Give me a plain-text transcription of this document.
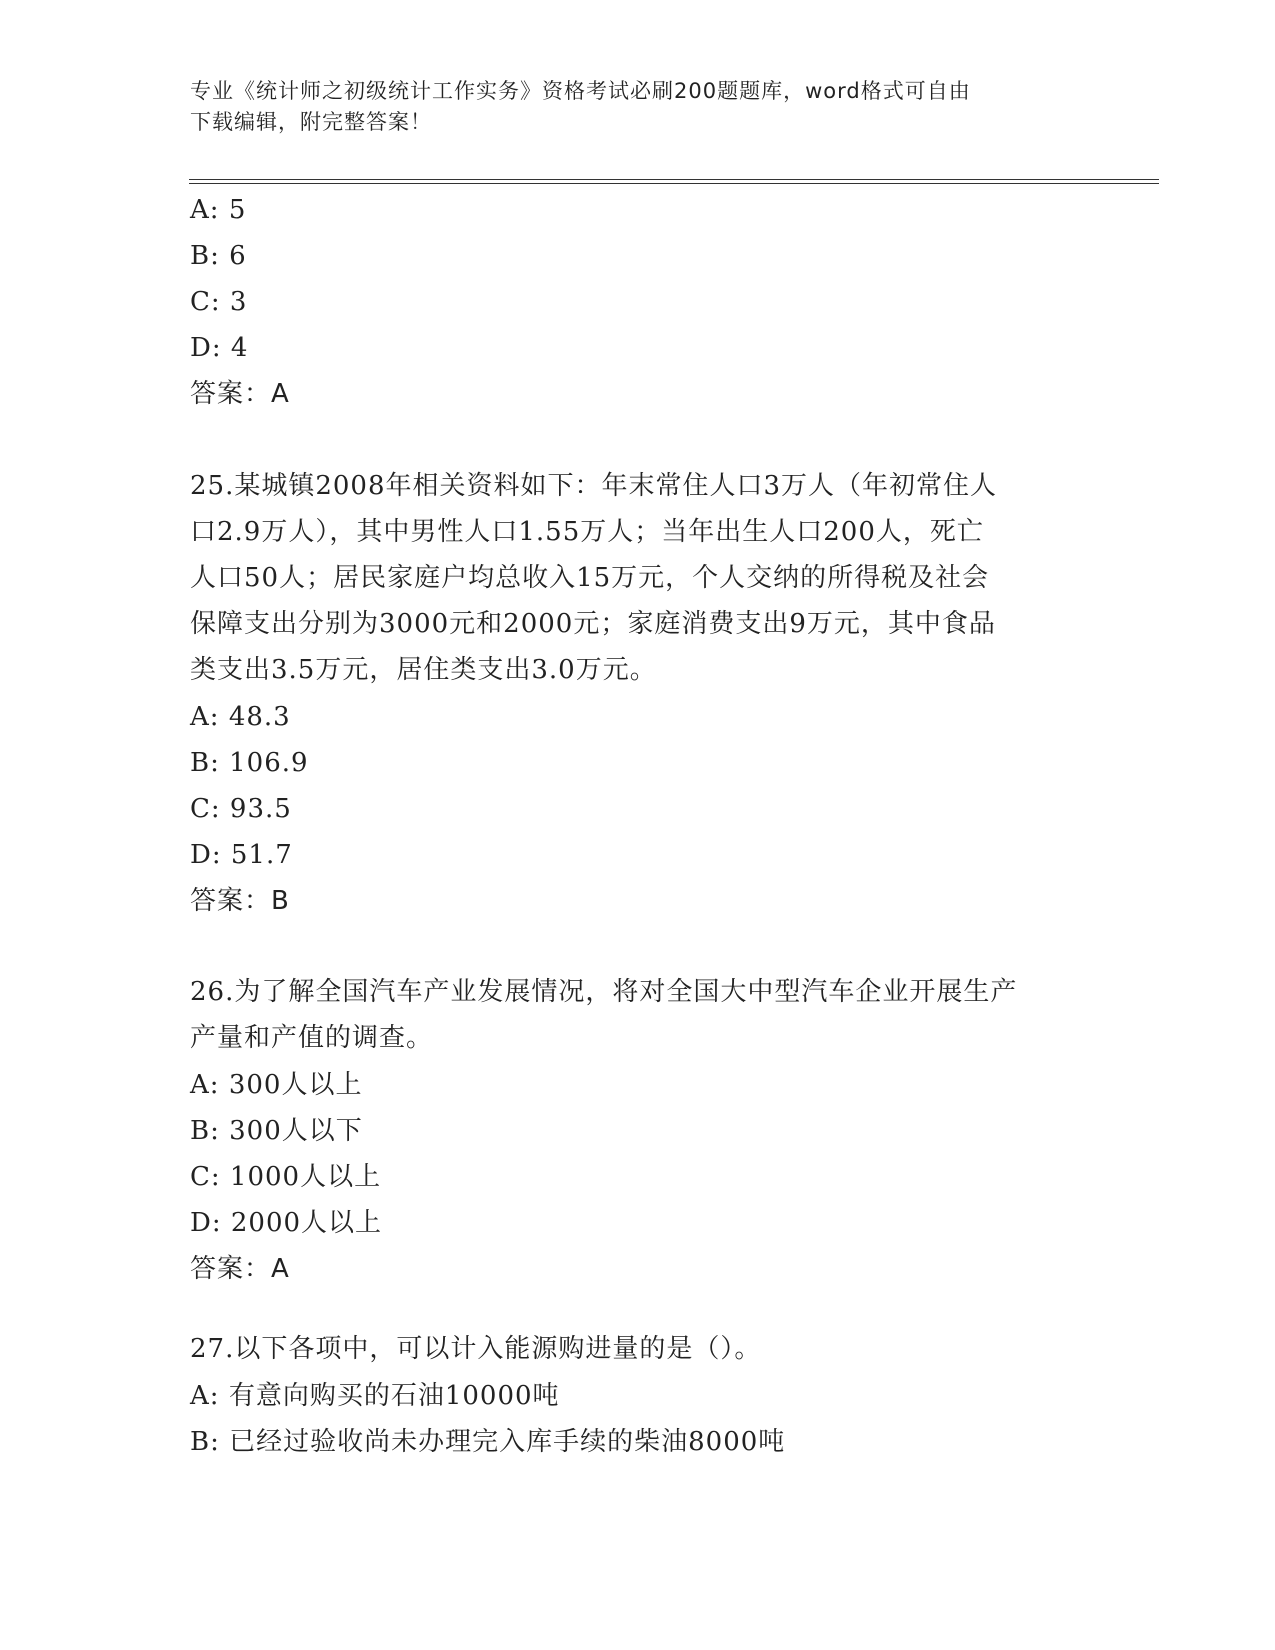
专业《统计师之初级统计工作实务》资格考试必刷200题题库，word格式可自由
下载编辑，附完整答案！
A: 5
B: 6
C: 3
D: 4
答案：A
25.某城镇2008年相关资料如下：年末常住人口3万人（年初常住人
口2.9万人），其中男性人口1.55万人；当年出生人口200人，死亡
人口50人；居民家庭户均总收入15万元，个人交纳的所得税及社会
保障支出分别为3000元和2000元；家庭消费支出9万元，其中食品
类支出3.5万元，居住类支出3.0万元。
A: 48.3
B: 106.9
C: 93.5
D: 51.7
答案：B
26.为了解全国汽车产业发展情况，将对全国大中型汽车企业开展生产
产量和产值的调查。
A: 300人以上
B: 300人以下
C: 1000人以上
D: 2000人以上
答案：A
27.以下各项中，可以计入能源购进量的是（）。
A: 有意向购买的石油10000吨
B: 已经过验收尚未办理完入库手续的柴油8000吨
